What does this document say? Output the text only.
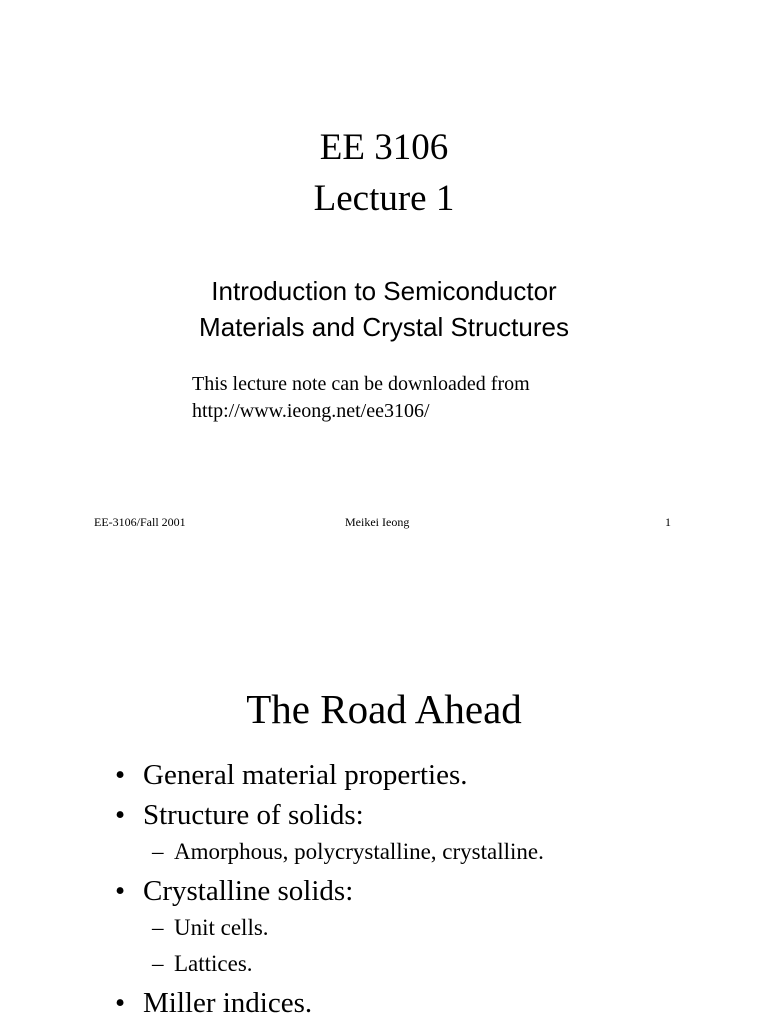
EE 3106
Lecture 1
Introduction to Semiconductor
Materials and Crystal Structures
This lecture note can be downloaded from
http://www.ieong.net/ee3106/
EE-3106/Fall 2001	Meikei Ieong	1
The Road Ahead
• General material properties.
• Structure of solids:
– Amorphous, polycrystalline, crystalline.
• Crystalline solids:
– Unit cells.
– Lattices.
• Miller indices.
